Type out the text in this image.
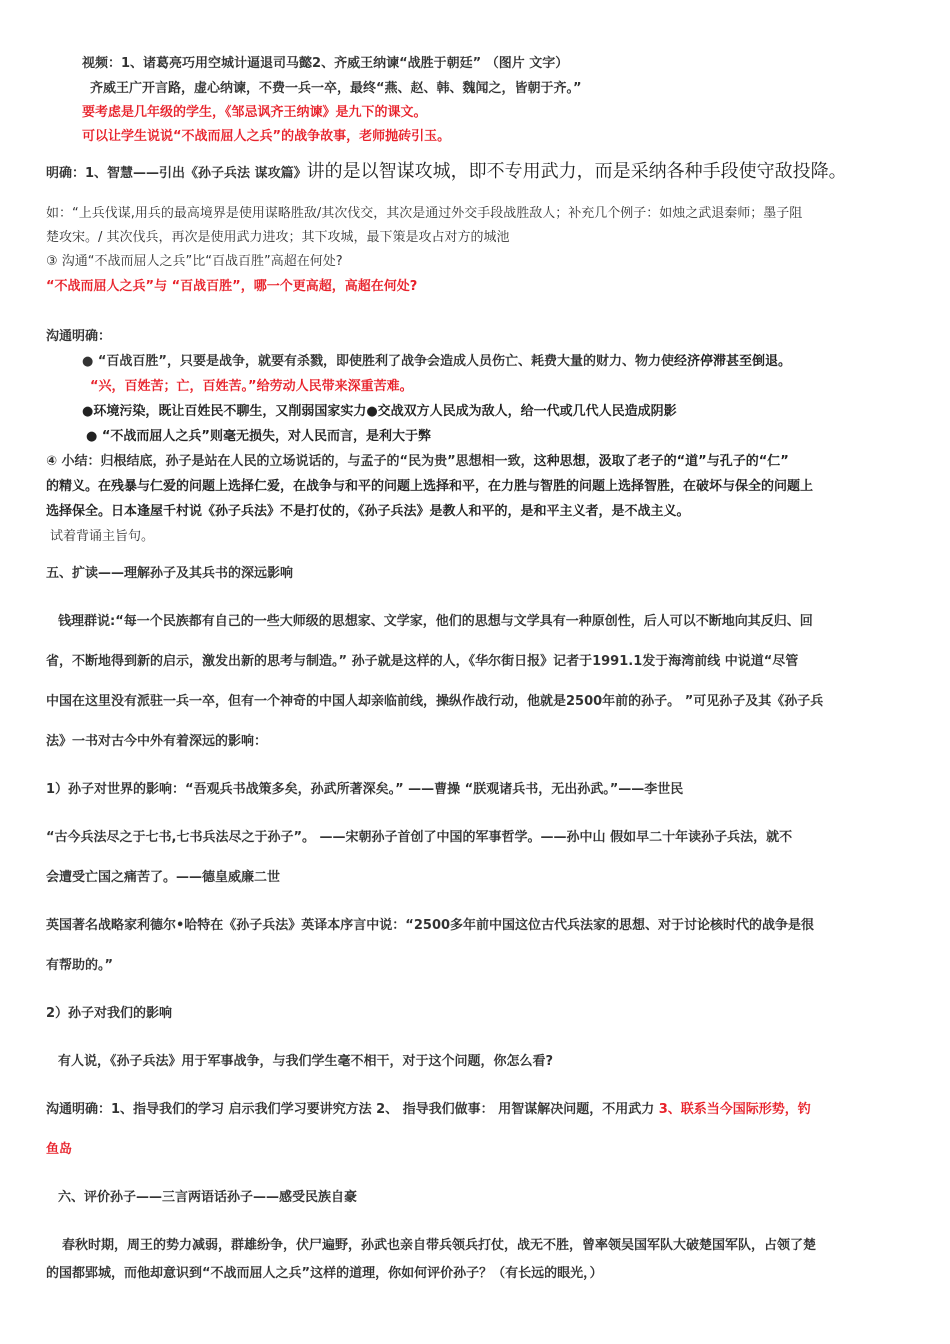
视频：1、诸葛亮巧用空城计逼退司马懿2、齐威王纳谏“战胜于朝廷” （图片 文字）
齐威王广开言路，虚心纳谏，不费一兵一卒，最终“燕、赵、韩、魏闻之，皆朝于齐。”
要考虑是几年级的学生，《邹忌讽齐王纳谏》是九下的课文。
可以让学生说说“不战而屈人之兵”的战争故事，老师抛砖引玉。
明确：1、智慧——引出《孙子兵法 谋攻篇》讲的是以智谋攻城，即不专用武力，而是采纳各种手段使守敌投降。
如：“上兵伐谋,用兵的最高境界是使用谋略胜敌/其次伐交，其次是通过外交手段战胜敌人；补充几个例子：如烛之武退秦师；墨子阻
楚攻宋。/ 其次伐兵，再次是使用武力进攻；其下攻城，最下策是攻占对方的城池
③ 沟通“不战而屈人之兵”比“百战百胜”高超在何处?
“不战而屈人之兵”与 “百战百胜”，哪一个更高超，高超在何处?
沟通明确：
● “百战百胜”，只要是战争，就要有杀戮，即使胜利了战争会造成人员伤亡、耗费大量的财力、物力使经济停滞甚至倒退。
“兴，百姓苦；亡，百姓苦。”给劳动人民带来深重苦难。
●环境污染，既让百姓民不聊生，又削弱国家实力●交战双方人民成为敌人，给一代或几代人民造成阴影
● “不战而屈人之兵”则毫无损失，对人民而言，是利大于弊
④ 小结：归根结底，孙子是站在人民的立场说话的，与孟子的“民为贵”思想相一致，这种思想，汲取了老子的“道”与孔子的“仁”
的精义。在残暴与仁爱的问题上选择仁爱，在战争与和平的问题上选择和平，在力胜与智胜的问题上选择智胜，在破坏与保全的问题上
选择保全。日本逢屋千村说《孙子兵法》不是打仗的，《孙子兵法》是教人和平的，是和平主义者，是不战主义。
试着背诵主旨句。
五、扩读——理解孙子及其兵书的深远影响
钱理群说:“每一个民族都有自己的一些大师级的思想家、文学家，他们的思想与文学具有一种原创性，后人可以不断地向其反归、回
省，不断地得到新的启示，激发出新的思考与制造。” 孙子就是这样的人，《华尔街日报》记者于1991.1发于海湾前线 中说道“尽管
中国在这里没有派驻一兵一卒，但有一个神奇的中国人却亲临前线，操纵作战行动，他就是2500年前的孙子。 ”可见孙子及其《孙子兵
法》一书对古今中外有着深远的影响：
1）孙子对世界的影响：“吾观兵书战策多矣，孙武所著深矣。” ——曹操 “朕观诸兵书，无出孙武。”——李世民
“古今兵法尽之于七书,七书兵法尽之于孙子”。 ——宋朝孙子首创了中国的军事哲学。——孙中山 假如早二十年读孙子兵法，就不
会遭受亡国之痛苦了。——德皇威廉二世
英国著名战略家利德尔•哈特在《孙子兵法》英译本序言中说：“2500多年前中国这位古代兵法家的思想、对于讨论核时代的战争是很
有帮助的。”
2）孙子对我们的影响
有人说，《孙子兵法》用于军事战争，与我们学生毫不相干，对于这个问题，你怎么看?
沟通明确：1、指导我们的学习 启示我们学习要讲究方法 2、 指导我们做事： 用智谋解决问题，不用武力 3、联系当今国际形势，钓
鱼岛
六、评价孙子——三言两语话孙子——感受民族自豪
春秋时期，周王的势力减弱，群雄纷争，伏尸遍野，孙武也亲自带兵领兵打仗，战无不胜，曾率领吴国军队大破楚国军队，占领了楚
的国都郢城，而他却意识到“不战而屈人之兵”这样的道理，你如何评价孙子？（有长远的眼光，）
